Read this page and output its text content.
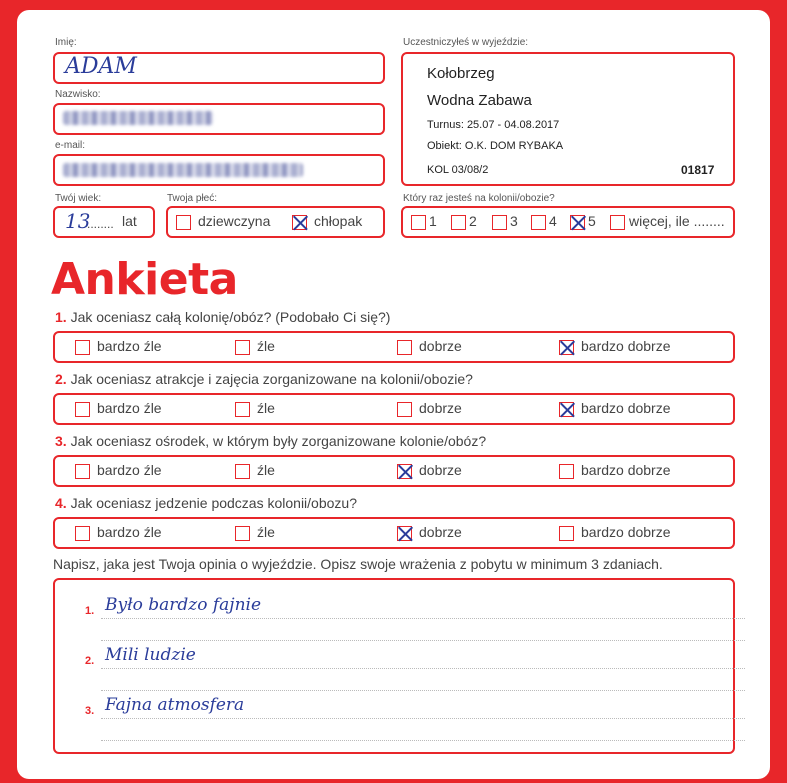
Imię:
ADAM
Nazwisko:
e-mail:
Twój wiek:
13
........ lat
Twoja płeć:
dziewczyna	chłopak
Uczestniczyłeś w wyjeździe:
Kołobrzeg
Wodna Zabawa
Turnus: 25.07 - 04.08.2017
Obiekt: O.K. DOM RYBAKA
KOL 03/08/2	01817
Który raz jesteś na kolonii/obozie?
1	2	3	4	5	więcej, ile ........
Ankieta
1. Jak oceniasz całą kolonię/obóz? (Podobało Ci się?)
bardzo źle	źle	dobrze	bardzo dobrze
2. Jak oceniasz atrakcje i zajęcia zorganizowane na kolonii/obozie?
bardzo źle	źle	dobrze	bardzo dobrze
3. Jak oceniasz ośrodek, w którym były zorganizowane kolonie/obóz?
bardzo źle	źle	dobrze	bardzo dobrze
4. Jak oceniasz jedzenie podczas kolonii/obozu?
bardzo źle	źle	dobrze	bardzo dobrze
Napisz, jaka jest Twoja opinia o wyjeździe. Opisz swoje wrażenia z pobytu w minimum 3 zdaniach.
1. Było bardzo fajnie
2. Mili ludzie
3. Fajna atmosfera
